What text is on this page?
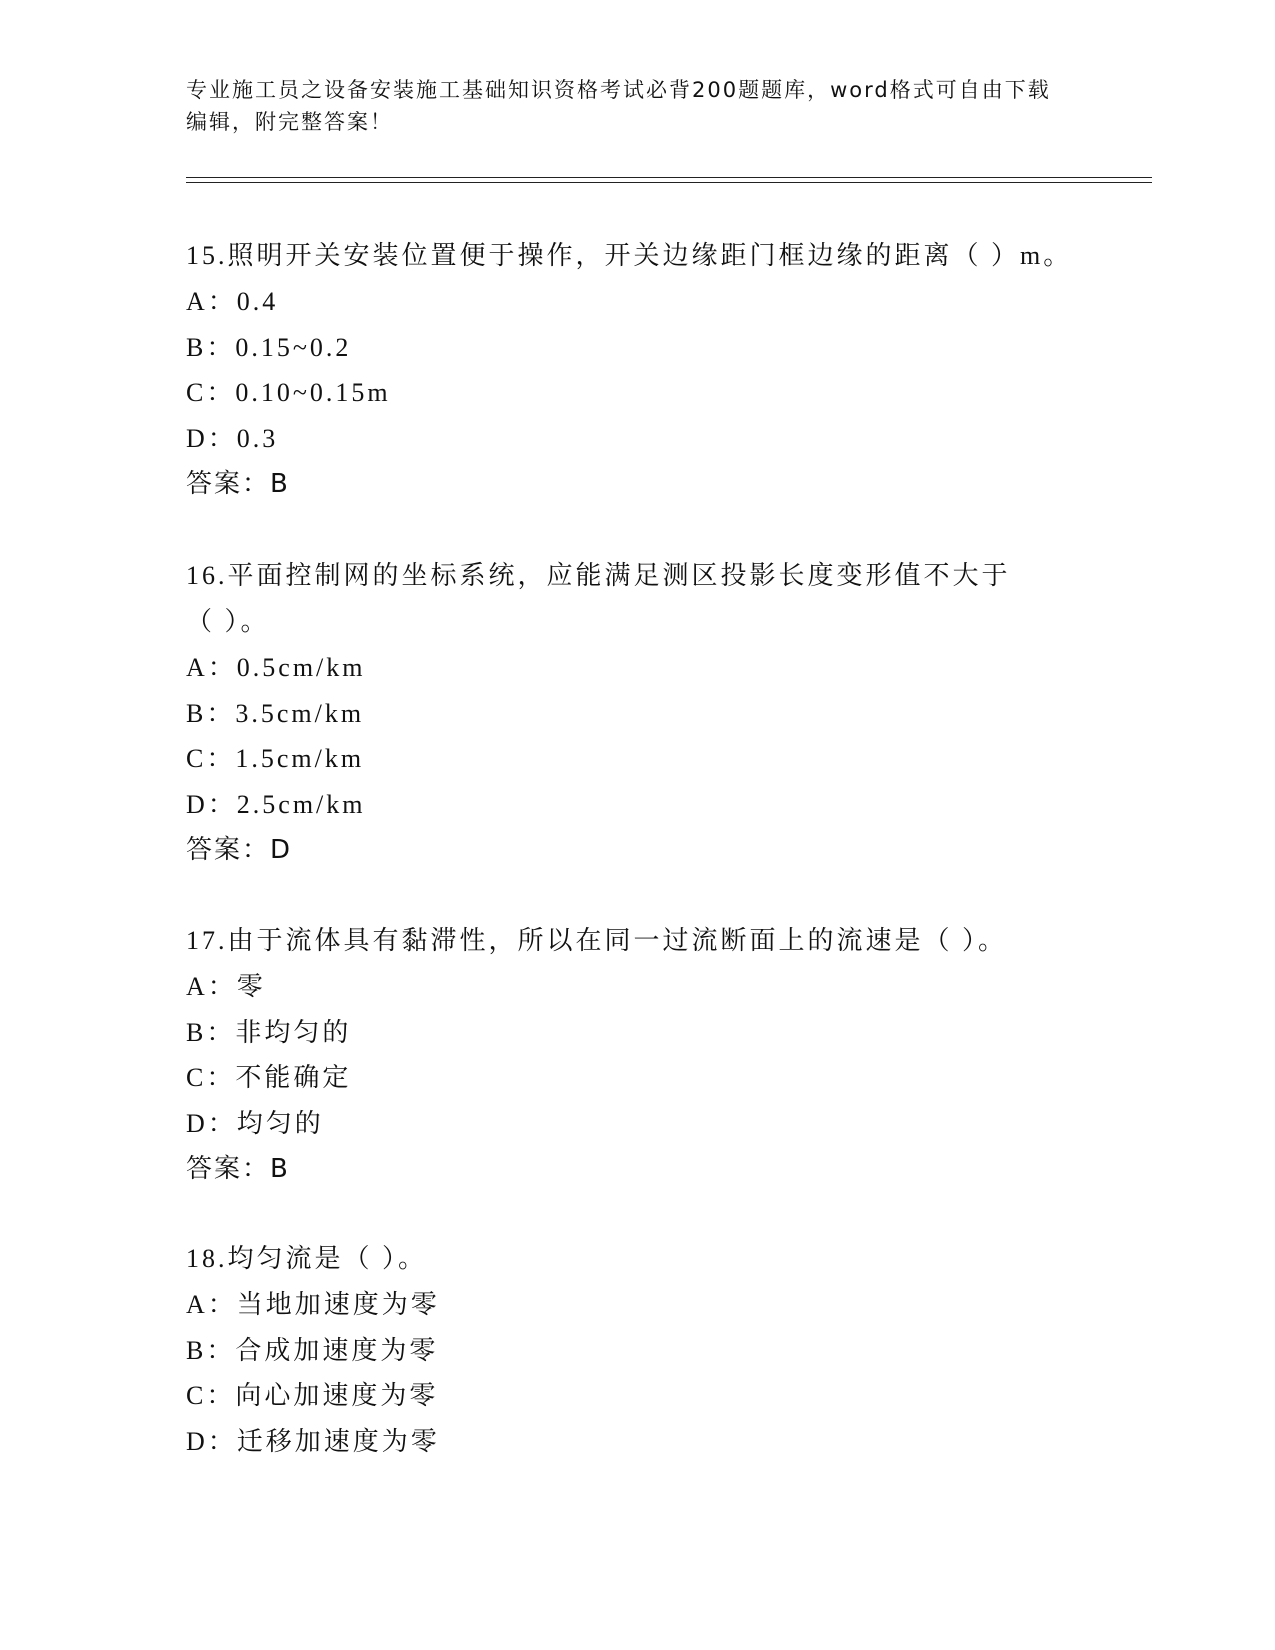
专业施工员之设备安装施工基础知识资格考试必背200题题库，word格式可自由下载编辑，附完整答案！
15.照明开关安装位置便于操作，开关边缘距门框边缘的距离（ ）m。
A：0.4
B：0.15~0.2
C：0.10~0.15m
D：0.3
答案：B
16.平面控制网的坐标系统，应能满足测区投影长度变形值不大于（ ）。
A：0.5cm/km
B：3.5cm/km
C：1.5cm/km
D：2.5cm/km
答案：D
17.由于流体具有黏滞性，所以在同一过流断面上的流速是（ ）。
A：零
B：非均匀的
C：不能确定
D：均匀的
答案：B
18.均匀流是（ ）。
A：当地加速度为零
B：合成加速度为零
C：向心加速度为零
D：迁移加速度为零
